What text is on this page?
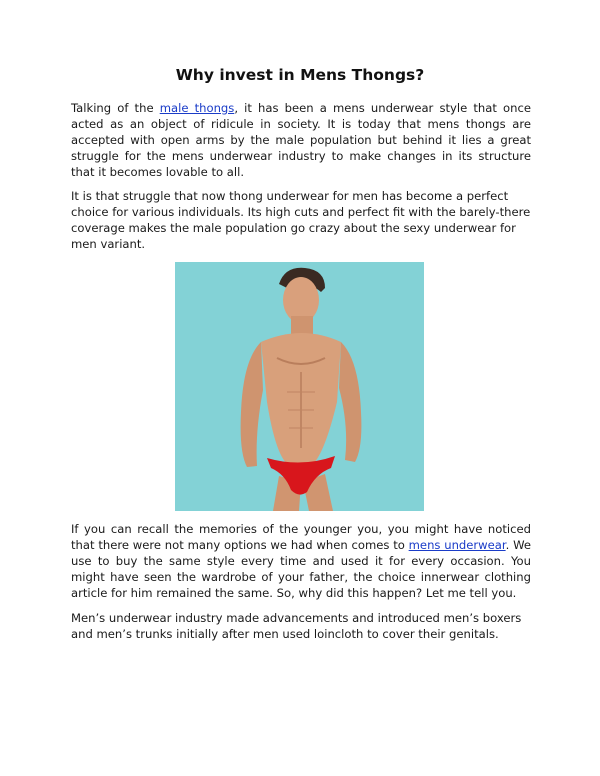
Why invest in Mens Thongs?

Talking of the male thongs, it has been a mens underwear style that once acted as an object of ridicule in society. It is today that mens thongs are accepted with open arms by the male population but behind it lies a great struggle for the mens underwear industry to make changes in its structure that it becomes lovable to all.

It is that struggle that now thong underwear for men has become a perfect choice for various individuals. Its high cuts and perfect fit with the barely-there coverage makes the male population go crazy about the sexy underwear for men variant.

If you can recall the memories of the younger you, you might have noticed that there were not many options we had when comes to mens underwear. We use to buy the same style every time and used it for every occasion. You might have seen the wardrobe of your father, the choice innerwear clothing article for him remained the same. So, why did this happen? Let me tell you.

Men’s underwear industry made advancements and introduced men’s boxers and men’s trunks initially after men used loincloth to cover their genitals.
